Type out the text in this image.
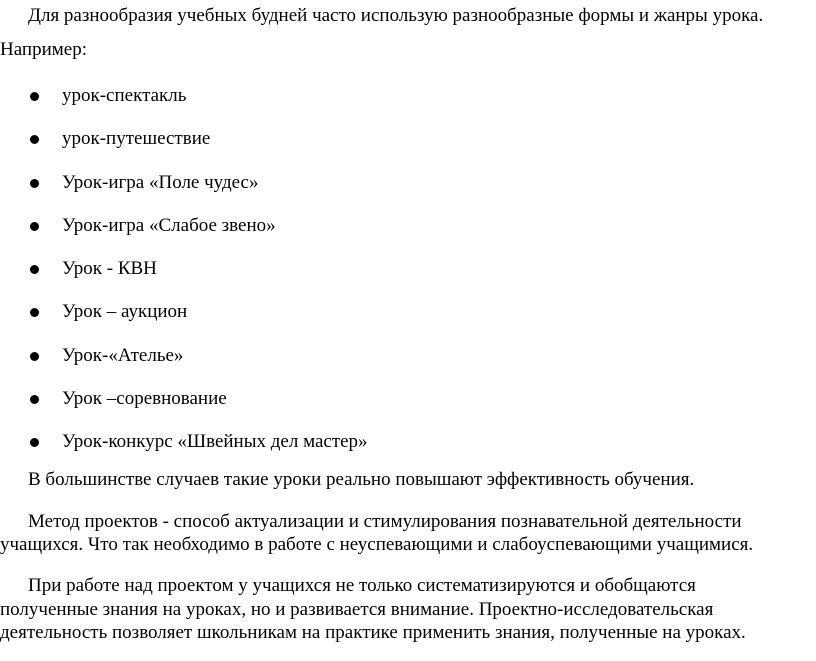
Для разнообразия учебных будней часто использую разнообразные формы и жанры урока.
Например:
урок-спектакль
урок-путешествие
Урок-игра «Поле чудес»
Урок-игра «Слабое звено»
Урок - КВН
Урок – аукцион
Урок-«Ателье»
Урок –соревнование
Урок-конкурс «Швейных дел мастер»
В большинстве случаев такие уроки реально повышают эффективность обучения.
Метод проектов - способ актуализации и стимулирования познавательной деятельности
учащихся. Что так необходимо в работе с неуспевающими и слабоуспевающими учащимися.
При работе над проектом у учащихся не только систематизируются и обобщаются
полученные знания на уроках, но и развивается внимание. Проектно-исследовательская
деятельность позволяет школьникам на практике применить знания, полученные на уроках.
